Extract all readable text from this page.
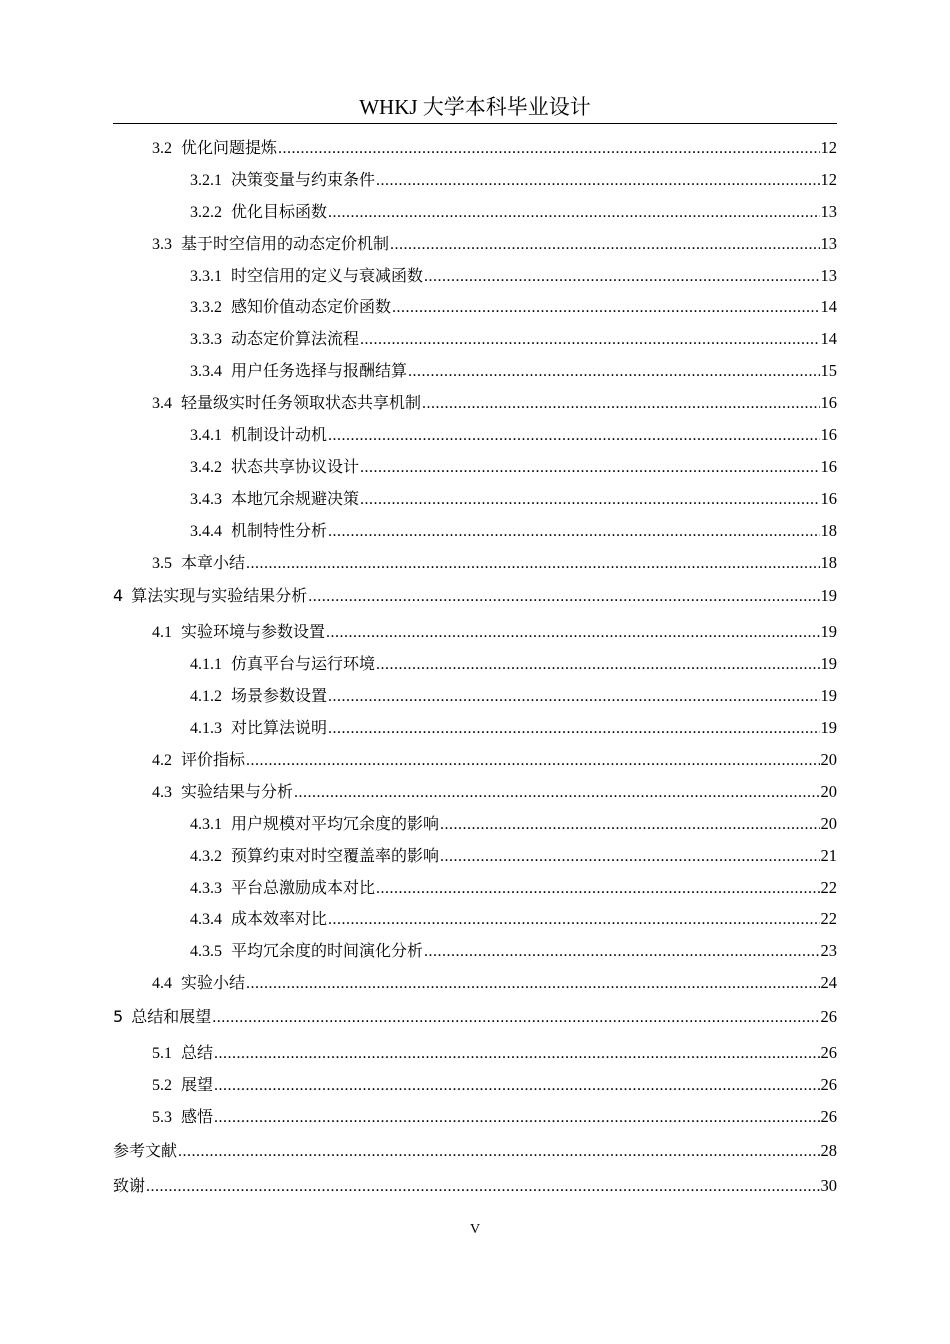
WHKJ 大学本科毕业设计
3.2 优化问题提炼 .....	12
3.2.1 决策变量与约束条件 .....	12
3.2.2 优化目标函数 .....	13
3.3 基于时空信用的动态定价机制 .....	13
3.3.1 时空信用的定义与衰减函数 .....	13
3.3.2 感知价值动态定价函数 .....	14
3.3.3 动态定价算法流程 .....	14
3.3.4 用户任务选择与报酬结算 .....	15
3.4 轻量级实时任务领取状态共享机制 .....	16
3.4.1 机制设计动机 .....	16
3.4.2 状态共享协议设计 .....	16
3.4.3 本地冗余规避决策 .....	16
3.4.4 机制特性分析 .....	18
3.5 本章小结 .....	18
4 算法实现与实验结果分析 .....	19
4.1 实验环境与参数设置 .....	19
4.1.1 仿真平台与运行环境 .....	19
4.1.2 场景参数设置 .....	19
4.1.3 对比算法说明 .....	19
4.2 评价指标 .....	20
4.3 实验结果与分析 .....	20
4.3.1 用户规模对平均冗余度的影响 .....	20
4.3.2 预算约束对时空覆盖率的影响 .....	21
4.3.3 平台总激励成本对比 .....	22
4.3.4 成本效率对比 .....	22
4.3.5 平均冗余度的时间演化分析 .....	23
4.4 实验小结 .....	24
5 总结和展望 .....	26
5.1 总结 .....	26
5.2 展望 .....	26
5.3 感悟 .....	26
参考文献 .....	28
致谢 .....	30
V
